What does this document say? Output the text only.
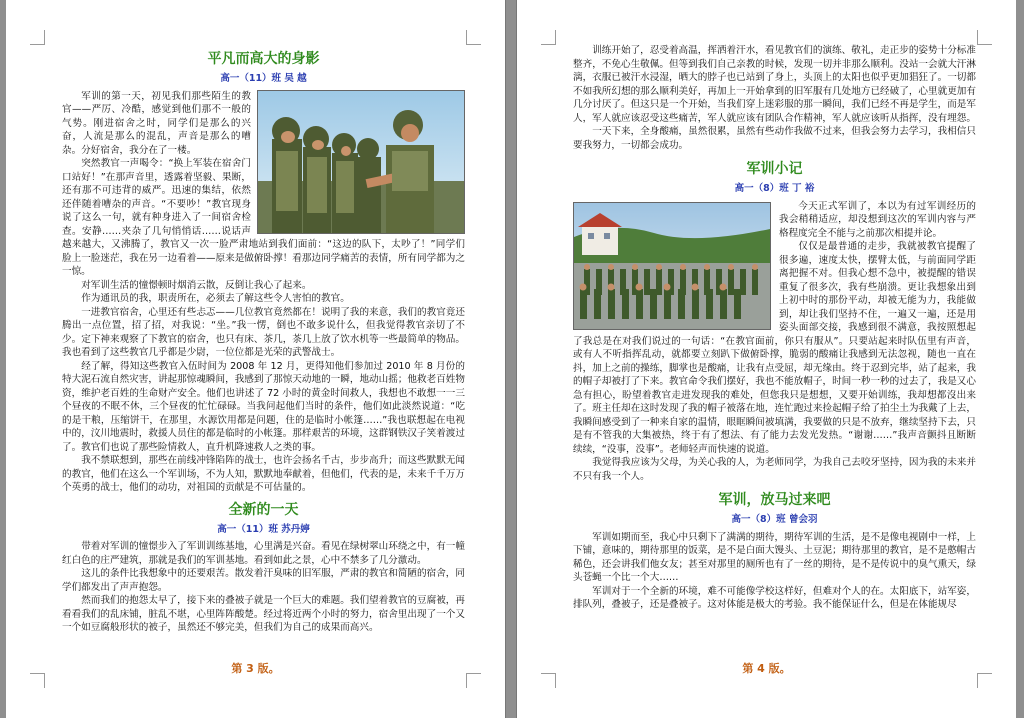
平凡而高大的身影
高一（11）班 吴 越

军训的第一天，初见我们那些陌生的教官——严厉、冷酷，感觉到他们那不一般的气势。刚进宿舍之时，同学们是那么的兴奋，人流是那么的混乱，声音是那么的嘈杂。分好宿舍，我分在了一楼。

突然教官一声喝令：“换上军装在宿舍门口站好！”在那声音里，透露着坚毅、果断，还有那不可违背的威严。迅速的集结，依然还伴随着嘈杂的声音。“不要吵！”教官现身说了这么一句，就有种身进入了一间宿舍检查。安静……夹杂了几句悄悄话……说话声越来越大，又沸腾了，教官又一次一脸严肃地站到我们面前：“这边的队下，太吵了！”同学们脸上一脸迷茫，我在另一边看着——原来是做俯卧撑！看那边同学痛苦的表情，所有同学都为之一惊。

对军训生活的憧憬顿时烟消云散，反倒让我心了起来。

作为通讯员的我，职责所在，必须去了解这些令人害怕的教官。

一进教官宿舍，心里还有些忐忑——几位教官竟然都在！说明了我的来意，我们的教官竟还腾出一点位置，招了招，对我说：“坐。”我一愣，倒也不敢多说什么，但我觉得教官亲切了不少。定下神来观察了下教官的宿舍，也只有床、茶几，茶几上放了饮水机等一些最简单的物品。我也看到了这些教官几乎都是少尉，一位位都是光荣的武警战士。

经了解，得知这些教官入伍时间为 2008 年 12 月，更得知他们参加过 2010 年 8 月份的特大泥石流自然灾害，讲起那惊魂瞬间，我感到了那惊天动地的一瞬，地动山摇；他救老百姓物资，维护老百姓的生命财产安全。他们也讲述了 72 小时的黄金时间救人，我想也不敢想一一三个昼夜的不眠不休，三个昼夜的忙忙碌碌。当我问起他们当时的条件，他们如此淡然说道：“吃的是干粮，压缩饼干，在那里，水源饮用都是问题，住的是临时小帐篷……”我也联想起在电视中的，汶川地震时，救援人员住的都是临时的小帐篷。那样艰苦的环境，这群钢铁汉子笑着渡过了。教官们也说了那些险情救人，直升机降速救人之类的事。

我不禁联想到，那些在前线冲锋陷阵的战士，也许会扬名千古，步步高升；而这些默默无闻的教官，他们在这么一个军训场，不为人知，默默地奉献着，但他们，代表的是，未来千千万万个英勇的战士，他们的动功，对祖国的贡献是不可估量的。

全新的一天
高一（11）班 苏丹婷

带着对军训的憧憬步入了军训训练基地，心里满是兴奋。看见在绿树翠山环绕之中，有一幢红白色的庄严建筑，那就是我们的军训基地。看到如此之景，心中不禁多了几分激动。

这儿的条件比我想象中的还要艰苦。散发着汗臭味的旧军服，严肃的教官和简陋的宿舍，同学们都发出了声声抱怨。

然而我们的抱怨太早了，接下来的叠被子就是一个巨大的难题。我们望着教官的豆腐被，再看看我们的乱床铺，脏乱不堪，心里阵阵酸楚。经过将近两个小时的努力，宿舍里出现了一个又一个如豆腐般形状的被子，虽然还不够完美，但我们为自己的成果而高兴。

第 3 版。

训练开始了，忍受着高温，挥洒着汗水，看见教官们的演练、敬礼，走正步的姿势十分标准整齐，不免心生敬佩。但等到我们自己亲教的时候，发现一切并非那么顺利。没站一会就大汗淋漓，衣服已被汗水浸湿，晒大的脖子也已站到了身上，头顶上的太阳也似乎更加猖狂了。一切都不如我所幻想的那么顺利美好，再加上一开始拿到的旧军服有几处地方已经破了，心里就更加有几分讨厌了。但这只是一个开始，当我们穿上迷彩服的那一瞬间，我们已经不再是学生，而是军人，军人就应该忍受这些痛苦，军人就应该有团队合作精神，军人就应该听从指挥，没有埋怨。

一天下来，全身酸痛，虽然很累，虽然有些动作我做不过来，但我会努力去学习，我相信只要我努力，一切都会成功。

军训小记
高一（8）班 丁 裕

今天正式军训了，本以为有过军训经历的我会稍稍适应，却没想到这次的军训内容与严格程度完全不能与之前那次相提并论。

仅仅是最普通的走步，我就被教官提醒了很多遍，速度太快，摆臂太低，与前面同学距离把握不对。但我心想不急中，被提醒的错误重复了很多次，我有些崩溃。更让我想象出到上初中时的那份平动，却被无能为力，我能做到，却让我们坚持不住，一遍又一遍，还是用姿头面部交接，我感到很不满意，我按照想起了我总是在对我们说过的一句话：“在教官面前，你只有服从”。只要站起来时队伍里有声音，或有人不听指挥乱动，就都要立刻趴下做俯卧撑，脆弱的酸痛让我感到无法忽视，随也一直在抖，加上之前的操练，脚掌也是酸痛，让我有点受屈，却无缘由。终于忍到完毕，站了起来，我的帽子却被打了下来。教官命令我们摆好，我也不能放帽子，时间一秒一秒的过去了，我是又心急有担心，盼望着教官走进发现我的难处，但您我只是想想，又要开始训练，我却想都沒出来了。班主任却在这时发现了我的帽子被落在地，连忙跑过来捡起帽子给了拍尘土为我戴了上去，我瞬间感受到了一种来自家的温情，眼眶瞬间被填满，我要做的只是不放弃，继续坚持下去，只是有不管我的大集被热，终于有了想法、有了能力去发光发热。“谢谢……”我声音颤抖且断断续续，“没事，没事”。老师轻声而快速的说道。

我觉得我应该为父母，为关心我的人，为老师同学，为我自己去咬牙坚持，因为我的未来并不只有我一个人。

军训，放马过来吧
高一（8）班 曾会羽

军训如期而至，我心中只剩下了满满的期待，期待军训的生活，是不是像电视剧中一样，上下铺，意味的，期待那里的饭菜，是不是白面大馒头、土豆泥；期待那里的教官，是不是憨帽古稀色，还会讲我们他女友；甚至对那里的厕所也有了一丝的期待，是不是传说中的臭气熏天，绿头苍蝇一个比一个大……

军训对于一个全新的环境，难不可能像学校这样好，但难对个人的在。太阳底下，站军姿，排队列，叠被子，还是叠被子。这对体能是极大的考验。我不能保证什么，但是在体能规尽

第 4 版。
